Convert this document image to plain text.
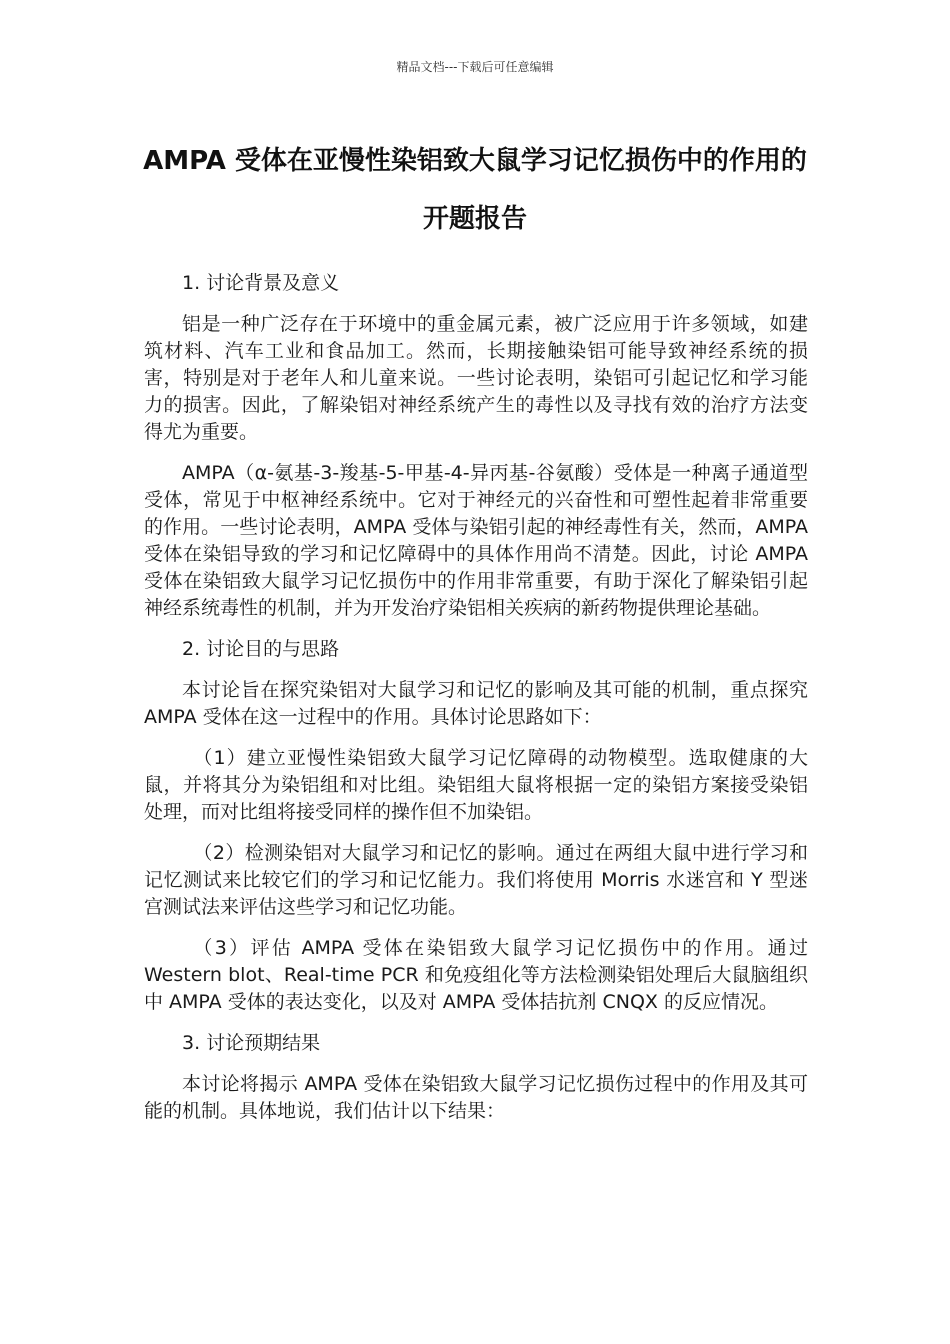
精品文档---下载后可任意编辑
AMPA 受体在亚慢性染铝致大鼠学习记忆损伤中的作用的开题报告
1. 讨论背景及意义

铝是一种广泛存在于环境中的重金属元素，被广泛应用于许多领域，如建筑材料、汽车工业和食品加工。然而，长期接触染铝可能导致神经系统的损害，特别是对于老年人和儿童来说。一些讨论表明，染铝可引起记忆和学习能力的损害。因此，了解染铝对神经系统产生的毒性以及寻找有效的治疗方法变得尤为重要。

AMPA（α-氨基-3-羧基-5-甲基-4-异丙基-谷氨酸）受体是一种离子通道型受体，常见于中枢神经系统中。它对于神经元的兴奋性和可塑性起着非常重要的作用。一些讨论表明，AMPA 受体与染铝引起的神经毒性有关，然而，AMPA 受体在染铝导致的学习和记忆障碍中的具体作用尚不清楚。因此，讨论 AMPA 受体在染铝致大鼠学习记忆损伤中的作用非常重要，有助于深化了解染铝引起神经系统毒性的机制，并为开发治疗染铝相关疾病的新药物提供理论基础。

2. 讨论目的与思路

本讨论旨在探究染铝对大鼠学习和记忆的影响及其可能的机制，重点探究 AMPA 受体在这一过程中的作用。具体讨论思路如下：

（1）建立亚慢性染铝致大鼠学习记忆障碍的动物模型。选取健康的大鼠，并将其分为染铝组和对比组。染铝组大鼠将根据一定的染铝方案接受染铝处理，而对比组将接受同样的操作但不加染铝。

（2）检测染铝对大鼠学习和记忆的影响。通过在两组大鼠中进行学习和记忆测试来比较它们的学习和记忆能力。我们将使用 Morris 水迷宫和 Y 型迷宫测试法来评估这些学习和记忆功能。

（3）评估 AMPA 受体在染铝致大鼠学习记忆损伤中的作用。通过 Western blot、Real-time PCR 和免疫组化等方法检测染铝处理后大鼠脑组织中 AMPA 受体的表达变化，以及对 AMPA 受体拮抗剂 CNQX 的反应情况。

3. 讨论预期结果

本讨论将揭示 AMPA 受体在染铝致大鼠学习记忆损伤过程中的作用及其可能的机制。具体地说，我们估计以下结果：
